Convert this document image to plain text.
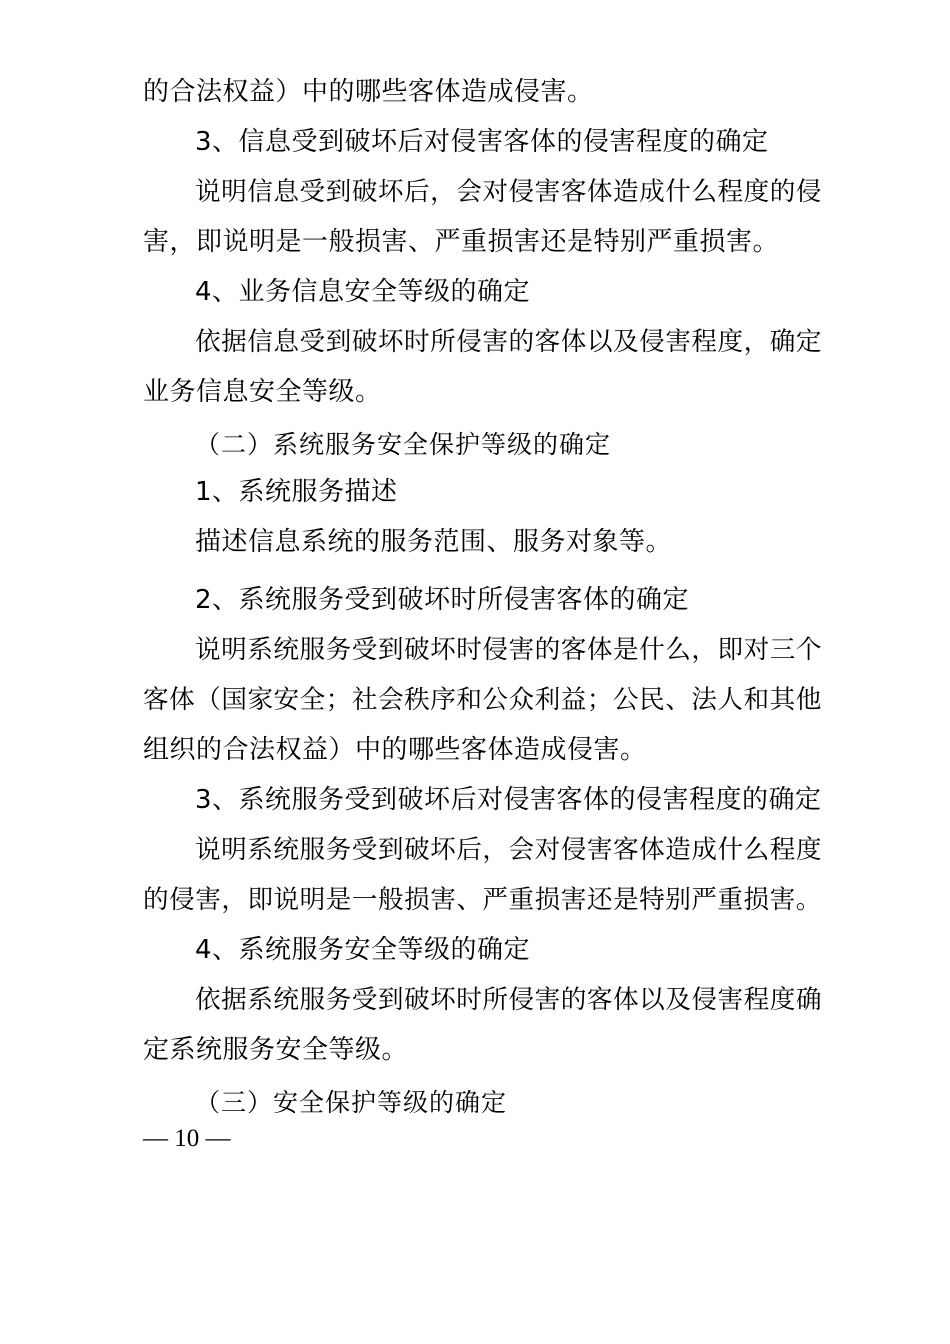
的合法权益）中的哪些客体造成侵害。
3、信息受到破坏后对侵害客体的侵害程度的确定
说明信息受到破坏后，会对侵害客体造成什么程度的侵
害，即说明是一般损害、严重损害还是特别严重损害。
4、业务信息安全等级的确定
依据信息受到破坏时所侵害的客体以及侵害程度，确定
业务信息安全等级。
（二）系统服务安全保护等级的确定
1、系统服务描述
描述信息系统的服务范围、服务对象等。
2、系统服务受到破坏时所侵害客体的确定
说明系统服务受到破坏时侵害的客体是什么，即对三个
客体（国家安全；社会秩序和公众利益；公民、法人和其他
组织的合法权益）中的哪些客体造成侵害。
3、系统服务受到破坏后对侵害客体的侵害程度的确定
说明系统服务受到破坏后，会对侵害客体造成什么程度
的侵害，即说明是一般损害、严重损害还是特别严重损害。
4、系统服务安全等级的确定
依据系统服务受到破坏时所侵害的客体以及侵害程度确
定系统服务安全等级。
（三）安全保护等级的确定
— 10 —
